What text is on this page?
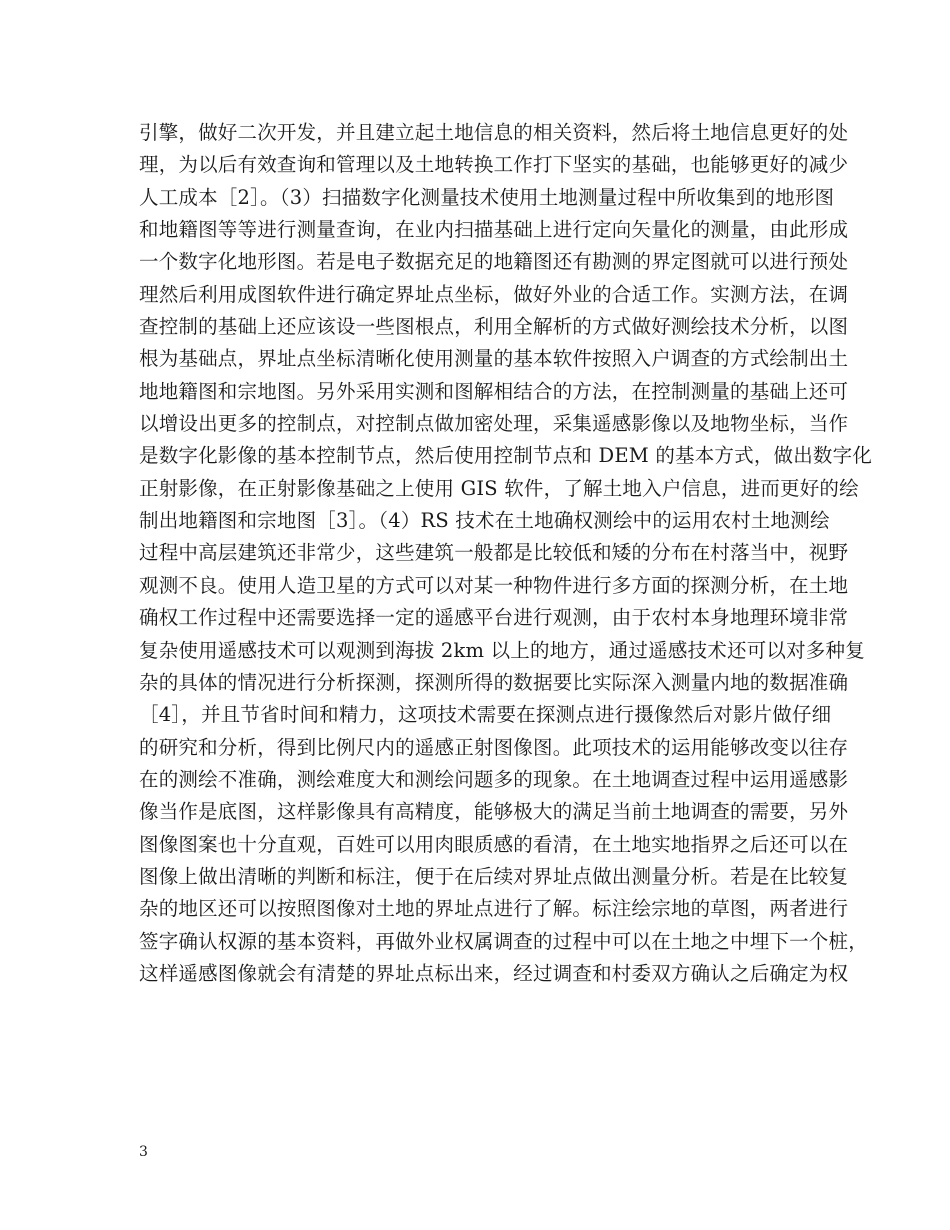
引擎，做好二次开发，并且建立起土地信息的相关资料，然后将土地信息更好的处
理，为以后有效查询和管理以及土地转换工作打下坚实的基础，也能够更好的减少
人工成本［2］。（3）扫描数字化测量技术使用土地测量过程中所收集到的地形图
和地籍图等等进行测量查询，在业内扫描基础上进行定向矢量化的测量，由此形成
一个数字化地形图。若是电子数据充足的地籍图还有勘测的界定图就可以进行预处
理然后利用成图软件进行确定界址点坐标，做好外业的合适工作。实测方法，在调
查控制的基础上还应该设一些图根点，利用全解析的方式做好测绘技术分析，以图
根为基础点，界址点坐标清晰化使用测量的基本软件按照入户调查的方式绘制出土
地地籍图和宗地图。另外采用实测和图解相结合的方法，在控制测量的基础上还可
以增设出更多的控制点，对控制点做加密处理，采集遥感影像以及地物坐标，当作
是数字化影像的基本控制节点，然后使用控制节点和 DEM 的基本方式，做出数字化
正射影像，在正射影像基础之上使用 GIS 软件，了解土地入户信息，进而更好的绘
制出地籍图和宗地图［3］。（4）RS 技术在土地确权测绘中的运用农村土地测绘
过程中高层建筑还非常少，这些建筑一般都是比较低和矮的分布在村落当中，视野
观测不良。使用人造卫星的方式可以对某一种物件进行多方面的探测分析，在土地
确权工作过程中还需要选择一定的遥感平台进行观测，由于农村本身地理环境非常
复杂使用遥感技术可以观测到海拔 2km 以上的地方，通过遥感技术还可以对多种复
杂的具体的情况进行分析探测，探测所得的数据要比实际深入测量内地的数据准确
［4］，并且节省时间和精力，这项技术需要在探测点进行摄像然后对影片做仔细
的研究和分析，得到比例尺内的遥感正射图像图。此项技术的运用能够改变以往存
在的测绘不准确，测绘难度大和测绘问题多的现象。在土地调查过程中运用遥感影
像当作是底图，这样影像具有高精度，能够极大的满足当前土地调查的需要，另外
图像图案也十分直观，百姓可以用肉眼质感的看清，在土地实地指界之后还可以在
图像上做出清晰的判断和标注，便于在后续对界址点做出测量分析。若是在比较复
杂的地区还可以按照图像对土地的界址点进行了解。标注绘宗地的草图，两者进行
签字确认权源的基本资料，再做外业权属调查的过程中可以在土地之中埋下一个桩，
这样遥感图像就会有清楚的界址点标出来，经过调查和村委双方确认之后确定为权
3
